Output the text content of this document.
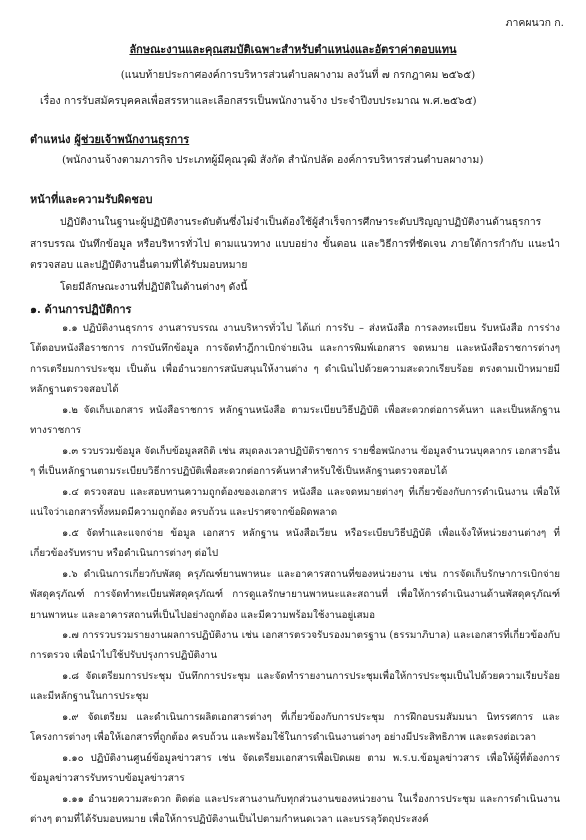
ภาคผนวก ก.
ลักษณะงานและคุณสมบัติเฉพาะสำหรับตำแหน่งและอัตราค่าตอบแทน
(แนบท้ายประกาศองค์การบริหารส่วนตำบลผางาม ลงวันที่ ๗ กรกฎาคม ๒๕๖๕)
เรื่อง การรับสมัครบุคคลเพื่อสรรหาและเลือกสรรเป็นพนักงานจ้าง ประจำปีงบประมาณ พ.ศ.๒๕๖๕)
ตำแหน่ง ผู้ช่วยเจ้าพนักงานธุรการ
(พนักงานจ้างตามภารกิจ ประเภทผู้มีคุณวุฒิ สังกัด สำนักปลัด องค์การบริหารส่วนตำบลผางาม)
หน้าที่และความรับผิดชอบ
ปฏิบัติงานในฐานะผู้ปฏิบัติงานระดับต้นซึ่งไม่จำเป็นต้องใช้ผู้สำเร็จการศึกษาระดับปริญญาปฏิบัติงานด้านธุรการ สารบรรณ บันทึกข้อมูล หรือบริหารทั่วไป ตามแนวทาง แบบอย่าง ขั้นตอน และวิธีการที่ชัดเจน ภายใต้การกำกับ แนะนำ ตรวจสอบ และปฏิบัติงานอื่นตามที่ได้รับมอบหมาย
โดยมีลักษณะงานที่ปฏิบัติในด้านต่างๆ ดังนี้
๑. ด้านการปฏิบัติการ
๑.๑ ปฏิบัติงานธุรการ งานสารบรรณ งานบริหารทั่วไป ได้แก่ การรับ – ส่งหนังสือ การลงทะเบียน รับหนังสือ การร่างโต้ตอบหนังสือราชการ การบันทึกข้อมูล การจัดทำฎีกาเบิกจ่ายเงิน และการพิมพ์เอกสาร จดหมาย และหนังสือราชการต่างๆ การเตรียมการประชุม เป็นต้น เพื่ออำนวยการสนับสนุนให้งานต่าง ๆ ดำเนินไปด้วยความสะดวกเรียบร้อย ตรงตามเป้าหมายมีหลักฐานตรวจสอบได้
๑.๒ จัดเก็บเอกสาร หนังสือราชการ หลักฐานหนังสือ ตามระเบียบวิธีปฏิบัติ เพื่อสะดวกต่อการค้นหา และเป็นหลักฐานทางราชการ
๑.๓ รวบรวมข้อมูล จัดเก็บข้อมูลสถิติ เช่น สมุดลงเวลาปฏิบัติราชการ รายชื่อพนักงาน ข้อมูลจำนวนบุคลากร เอกสารอื่น ๆ ที่เป็นหลักฐานตามระเบียบวิธีการปฏิบัติเพื่อสะดวกต่อการค้นหาสำหรับใช้เป็นหลักฐานตรวจสอบได้
๑.๔ ตรวจสอบ และสอบทานความถูกต้องของเอกสาร หนังสือ และจดหมายต่างๆ ที่เกี่ยวข้องกับการดำเนินงาน เพื่อให้แน่ใจว่าเอกสารทั้งหมดมีความถูกต้อง ครบถ้วน และปราศจากข้อผิดพลาด
๑.๕ จัดทำและแจกจ่าย ข้อมูล เอกสาร หลักฐาน หนังสือเวียน หรือระเบียบวิธีปฏิบัติ เพื่อแจ้งให้หน่วยงานต่างๆ ที่เกี่ยวข้องรับทราบ หรือดำเนินการต่างๆ ต่อไป
๑.๖ ดำเนินการเกี่ยวกับพัสดุ ครุภัณฑ์ยานพาหนะ และอาคารสถานที่ของหน่วยงาน เช่น การจัดเก็บรักษาการเบิกจ่ายพัสดุครุภัณฑ์ การจัดทำทะเบียนพัสดุครุภัณฑ์ การดูแลรักษายานพาหนะและสถานที่ เพื่อให้การดำเนินงานด้านพัสดุครุภัณฑ์ ยานพาหนะ และอาคารสถานที่เป็นไปอย่างถูกต้อง และมีความพร้อมใช้งานอยู่เสมอ
๑.๗ การรวบรวมรายงานผลการปฏิบัติงาน เช่น เอกสารตรวจรับรองมาตรฐาน (ธรรมาภิบาล) และเอกสารที่เกี่ยวข้องกับการตรวจ เพื่อนำไปใช้ปรับปรุงการปฏิบัติงาน
๑.๘ จัดเตรียมการประชุม บันทึกการประชุม และจัดทำรายงานการประชุมเพื่อให้การประชุมเป็นไปด้วยความเรียบร้อย และมีหลักฐานในการประชุม
๑.๙ จัดเตรียม และดำเนินการผลิตเอกสารต่างๆ ที่เกี่ยวข้องกับการประชุม การฝึกอบรมสัมมนา นิทรรศการ และโครงการต่างๆ เพื่อให้เอกสารที่ถูกต้อง ครบถ้วน และพร้อมใช้ในการดำเนินงานต่างๆ อย่างมีประสิทธิภาพ และตรงต่อเวลา
๑.๑๐ ปฏิบัติงานศูนย์ข้อมูลข่าวสาร เช่น จัดเตรียมเอกสารเพื่อเปิดเผย ตาม พ.ร.บ.ข้อมูลข่าวสาร เพื่อให้ผู้ที่ต้องการข้อมูลข่าวสารรับทราบข้อมูลข่าวสาร
๑.๑๑ อำนวยความสะดวก ติดต่อ และประสานงานกับทุกส่วนงานของหน่วยงาน ในเรื่องการประชุม และการดำเนินงานต่างๆ ตามที่ได้รับมอบหมาย เพื่อให้การปฏิบัติงานเป็นไปตามกำหนดเวลา และบรรลุวัตถุประสงค์
